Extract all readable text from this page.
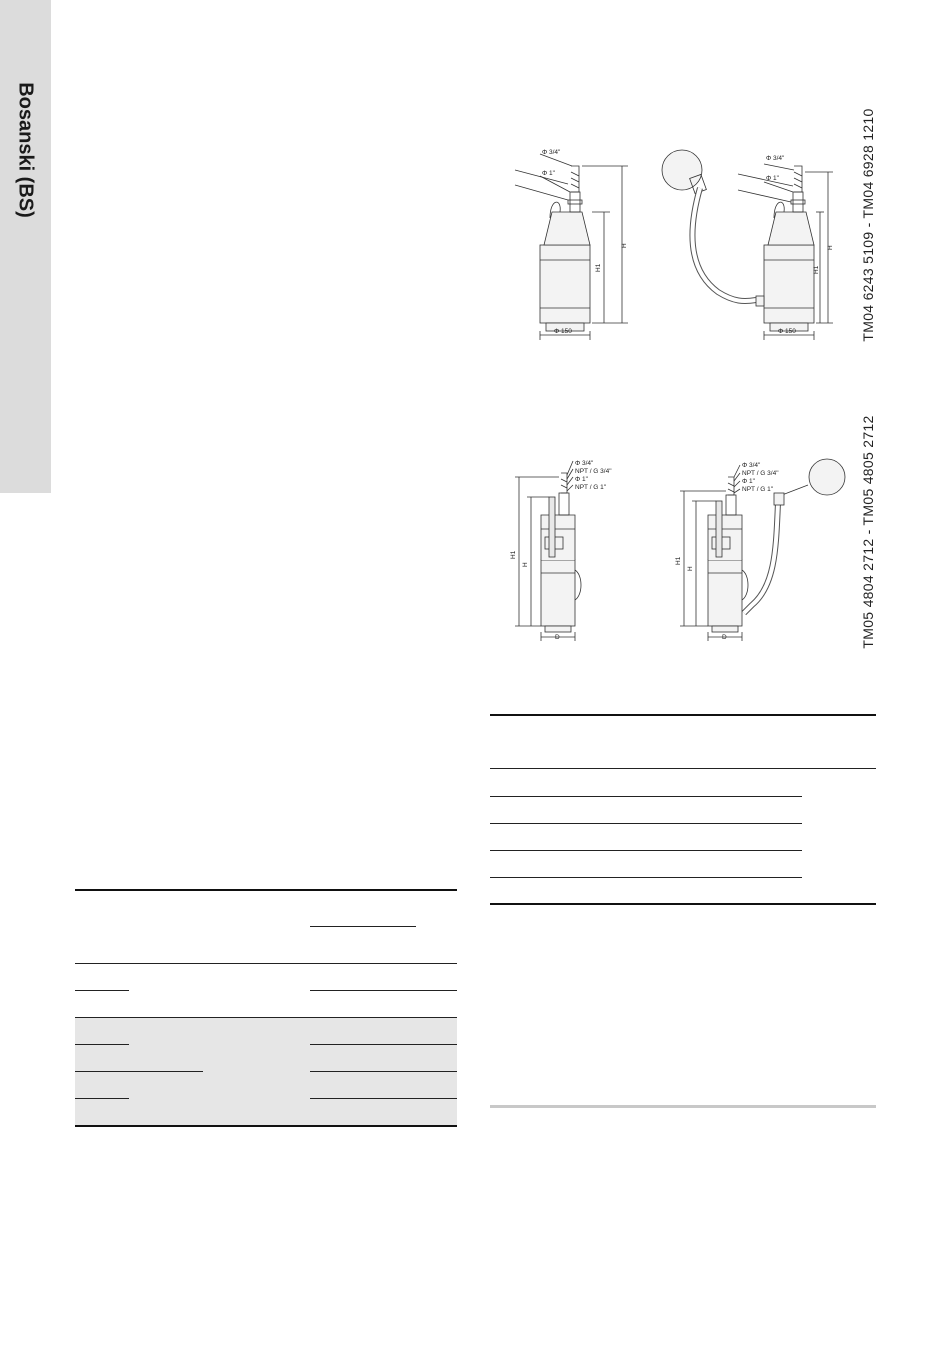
Bosanski (BS)	TM04 6243 5109 - TM04 6928 1210
TM05 4804 2712 - TM05 4805 2712
Φ 3/4"
Φ 1"
H
H1
Φ 150
Φ 3/4"
Φ 1"
H
H1
Φ 150
Φ 3/4"
NPT / G 3/4"
Φ 1"
NPT / G 1"
H1
H
D
Φ 3/4"
NPT / G 3/4"
Φ 1"
NPT / G 1"
H1
H
D
